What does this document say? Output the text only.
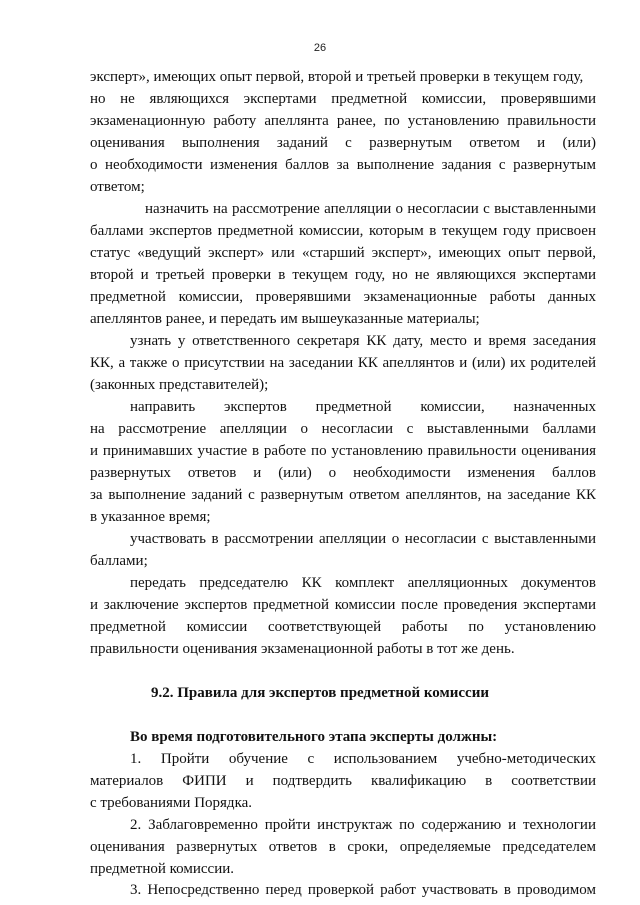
26
эксперт», имеющих опыт первой, второй и третьей проверки в текущем году,
но не являющихся экспертами предметной комиссии, проверявшими
экзаменационную работу апеллянта ранее, по установлению правильности
оценивания выполнения заданий с развернутым ответом и (или)
о необходимости изменения баллов за выполнение задания с развернутым
ответом;
назначить на рассмотрение апелляции о несогласии с выставленными
баллами экспертов предметной комиссии, которым в текущем году присвоен
статус «ведущий эксперт» или «старший эксперт», имеющих опыт первой,
второй и третьей проверки в текущем году, но не являющихся экспертами
предметной комиссии, проверявшими экзаменационные работы данных
апеллянтов ранее, и передать им вышеуказанные материалы;
узнать у ответственного секретаря КК дату, место и время заседания
КК, а также о присутствии на заседании КК апеллянтов и (или) их родителей
(законных представителей);
направить экспертов предметной комиссии, назначенных
на рассмотрение апелляции о несогласии с выставленными баллами
и принимавших участие в работе по установлению правильности оценивания
развернутых ответов и (или) о необходимости изменения баллов
за выполнение заданий с развернутым ответом апеллянтов, на заседание КК
в указанное время;
участвовать в рассмотрении апелляции о несогласии с выставленными
баллами;
передать председателю КК комплект апелляционных документов
и заключение экспертов предметной комиссии после проведения экспертами
предметной комиссии соответствующей работы по установлению
правильности оценивания экзаменационной работы в тот же день.
9.2. Правила для экспертов предметной комиссии
Во время подготовительного этапа эксперты должны:
1. Пройти обучение с использованием учебно-методических
материалов ФИПИ и подтвердить квалификацию в соответствии
с требованиями Порядка.
2. Заблаговременно пройти инструктаж по содержанию и технологии
оценивания развернутых ответов в сроки, определяемые председателем
предметной комиссии.
3. Непосредственно перед проверкой работ участвовать в проводимом
